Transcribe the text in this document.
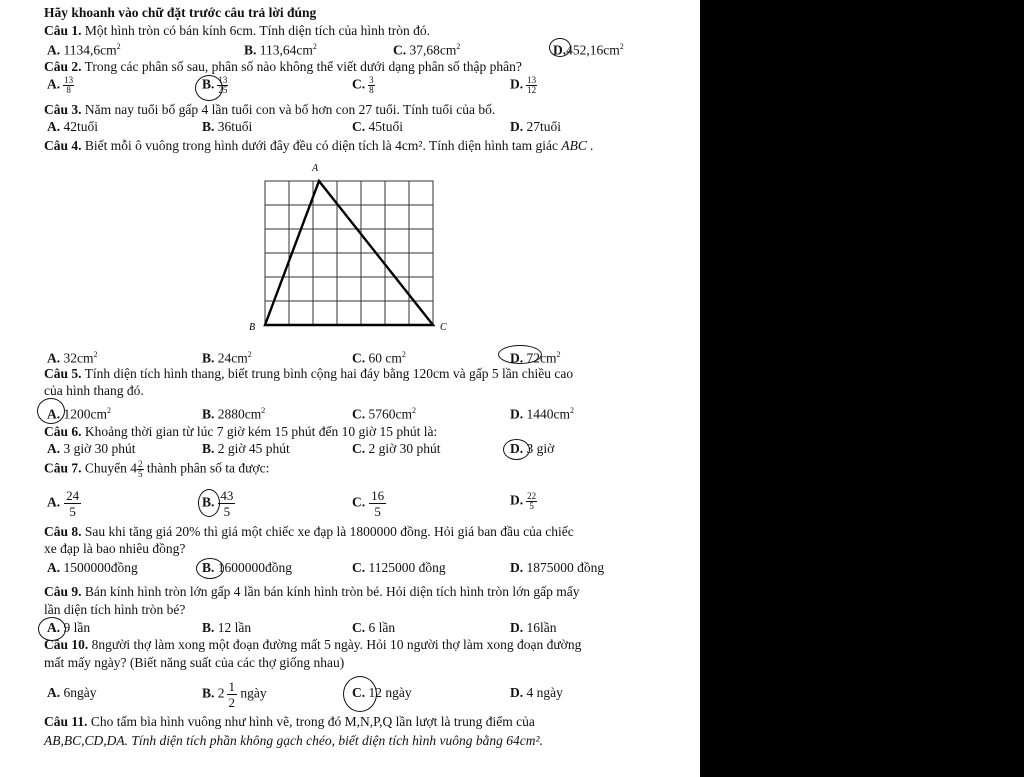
Hãy khoanh vào chữ đặt trước câu trả lời đúng
Câu 1. Một hình tròn có bán kính 6cm. Tính diện tích của hình tròn đó.
A. $1134,6cm^2$	B. $113,64cm^2$	C. $37,68cm^2$	$D.452,16cm^2$
Câu 2. Trong các phân số sau, phân số nào không thể viết dưới dạng phân số thập phân?
A. $\frac{13}{8}$	B. $\frac{13}{25}$	C. $\frac{3}{8}$	D. $\frac{13}{12}$
Câu 3. Năm nay tuổi bố gấp 4 lần tuổi con và bố hơn con 27 tuổi. Tính tuổi của bố.
A. 42tuổi	B. 36tuổi	C. 45tuổi	D. 27tuổi
Câu 4. Biết mỗi ô vuông trong hình dưới đây đều có diện tích là 4cm². Tính diện hình tam giác ABC .
A
B	C
A. $32cm^2$	B. $24cm^2$	C. 60 $cm^2$	D. $72cm^2$
Câu 5. Tính diện tích hình thang, biết trung bình cộng hai đáy bằng 120cm và gấp 5 lần chiều cao
của hình thang đó.
A. $1200cm^2$	B. $2880cm^2$	C. $5760cm^2$	D. $1440cm^2$
Câu 6. Khoảng thời gian từ lúc 7 giờ kém 15 phút đến 10 giờ 15 phút là:
A. 3 giờ 30 phút	B. 2 giờ 45 phút	C. 2 giờ 30 phút	D. 3 giờ
Câu 7. Chuyển $4 \frac{2}{5}$ thành phân số ta được:
A. $\frac{24}{5}$	B. $\frac{43}{5}$	C. $\frac{16}{5}$	D. $\frac{22}{5}$
Câu 8. Sau khi tăng giá 20% thì giá một chiếc xe đạp là 1800000 đồng. Hỏi giá ban đầu của chiếc
xe đạp là bao nhiêu đồng?
A. 1500000đồng	B. 1600000đồng	C. 1125000 đồng	D. 1875000 đồng
Câu 9. Bán kính hình tròn lớn gấp 4 lần bán kính hình tròn bé. Hỏi diện tích hình tròn lớn gấp mấy
lần diện tích hình tròn bé?
A. 9 lần	B. 12 lần	C. 6 lần	D. 16lần
Câu 10. 8người thợ làm xong một đoạn đường mất 5 ngày. Hỏi 10 người thợ làm xong đoạn đường
mất mấy ngày? (Biết năng suất của các thợ giống nhau)
A. 6ngày	B. $2 \frac{1}{2}$ ngày	C. 12 ngày	D. 4 ngày
Câu 11. Cho tấm bìa hình vuông như hình vẽ, trong đó M,N,P,Q lần lượt là trung điểm của
AB,BC,CD,DA. Tính diện tích phần không gạch chéo, biết diện tích hình vuông bằng 64cm².
